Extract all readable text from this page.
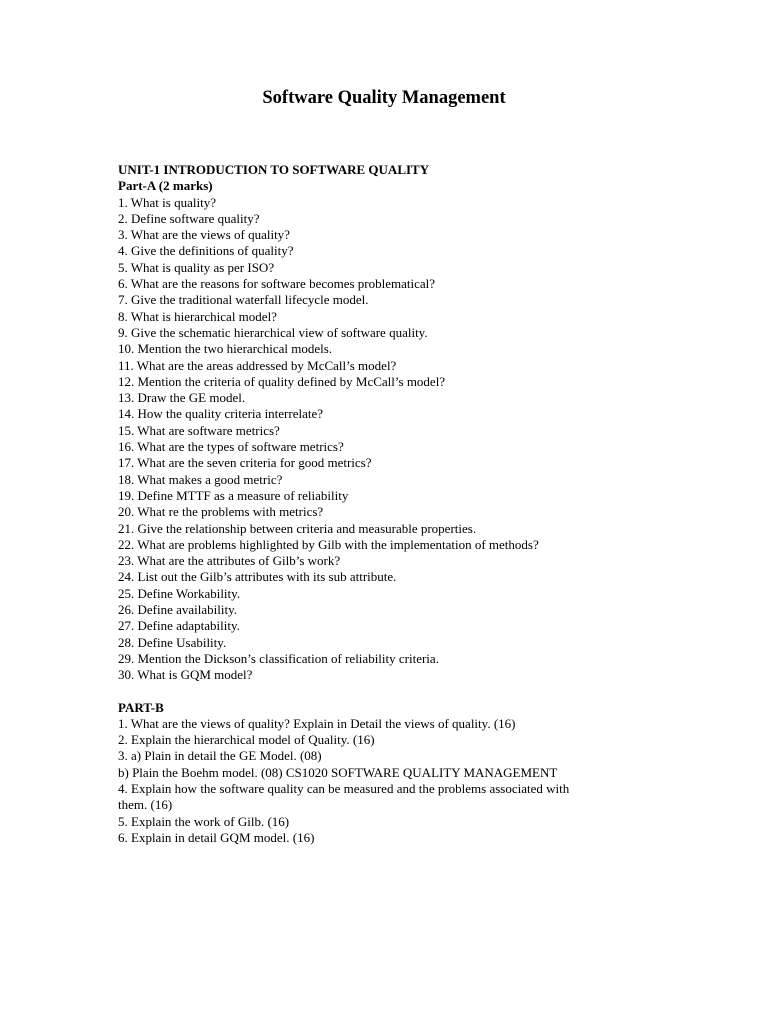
Software Quality Management
UNIT-1 INTRODUCTION TO SOFTWARE QUALITY
Part-A (2 marks)
1. What is quality?
2. Define software quality?
3. What are the views of quality?
4. Give the definitions of quality?
5. What is quality as per ISO?
6. What are the reasons for software becomes problematical?
7. Give the traditional waterfall lifecycle model.
8. What is hierarchical model?
9. Give the schematic hierarchical view of software quality.
10. Mention the two hierarchical models.
11. What are the areas addressed by McCall’s model?
12. Mention the criteria of quality defined by McCall’s model?
13. Draw the GE model.
14. How the quality criteria interrelate?
15. What are software metrics?
16. What are the types of software metrics?
17. What are the seven criteria for good metrics?
18. What makes a good metric?
19. Define MTTF as a measure of reliability
20. What re the problems with metrics?
21. Give the relationship between criteria and measurable properties.
22. What are problems highlighted by Gilb with the implementation of methods?
23. What are the attributes of Gilb’s work?
24. List out the Gilb’s attributes with its sub attribute.
25. Define Workability.
26. Define availability.
27. Define adaptability.
28. Define Usability.
29. Mention the Dickson’s classification of reliability criteria.
30. What is GQM model?
PART-B
1. What are the views of quality? Explain in Detail the views of quality. (16)
2. Explain the hierarchical model of Quality. (16)
3. a) Plain in detail the GE Model. (08)
b) Plain the Boehm model. (08) CS1020 SOFTWARE QUALITY MANAGEMENT
4. Explain how the software quality can be measured and the problems associated with them. (16)
5. Explain the work of Gilb. (16)
6. Explain in detail GQM model. (16)
